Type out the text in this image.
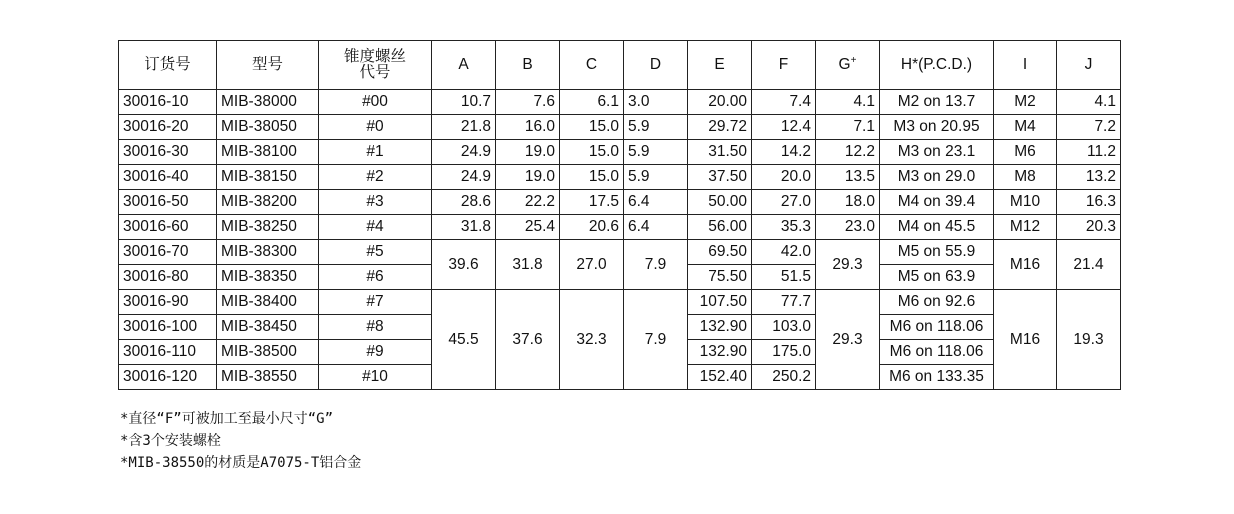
订货号	型号	锥度螺丝
代号	A	B	C	D	E	F	G+	H*(P.C.D.)	I	J
30016-10	MIB-38000	#00	10.7	7.6	6.1	3.0	20.00	7.4	4.1	M2 on 13.7	M2	4.1
30016-20	MIB-38050	#0	21.8	16.0	15.0	5.9	29.72	12.4	7.1	M3 on 20.95	M4	7.2
30016-30	MIB-38100	#1	24.9	19.0	15.0	5.9	31.50	14.2	12.2	M3 on 23.1	M6	11.2
30016-40	MIB-38150	#2	24.9	19.0	15.0	5.9	37.50	20.0	13.5	M3 on 29.0	M8	13.2
30016-50	MIB-38200	#3	28.6	22.2	17.5	6.4	50.00	27.0	18.0	M4 on 39.4	M10	16.3
30016-60	MIB-38250	#4	31.8	25.4	20.6	6.4	56.00	35.3	23.0	M4 on 45.5	M12	20.3
30016-70	MIB-38300	#5	39.6	31.8	27.0	7.9	69.50	42.0	29.3	M5 on 55.9	M16	21.4
30016-80	MIB-38350	#6					75.50	51.5		M5 on 63.9		
30016-90	MIB-38400	#7	45.5	37.6	32.3	7.9	107.50	77.7	29.3	M6 on 92.6	M16	19.3
30016-100	MIB-38450	#8					132.90	103.0		M6 on 118.06		
30016-110	MIB-38500	#9					132.90	175.0		M6 on 118.06		
30016-120	MIB-38550	#10					152.40	250.2		M6 on 133.35		
*直径“F”可被加工至最小尺寸“G”
*含3个安装螺栓
*MIB-38550的材质是A7075-T铝合金
